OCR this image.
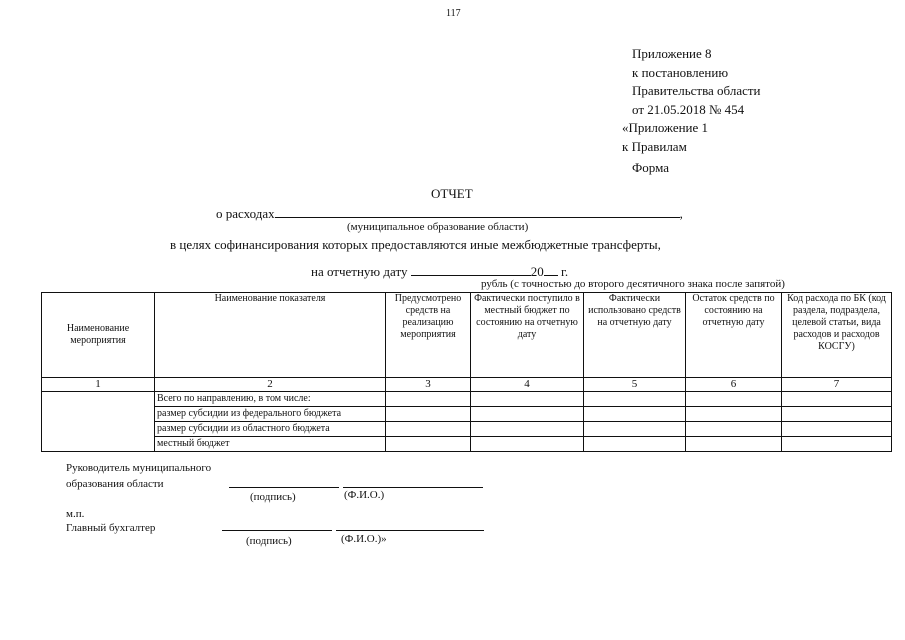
117
Приложение 8
к постановлению
Правительства области
от 21.05.2018 № 454
«Приложение 1
к Правилам
Форма
ОТЧЕТ
о расходах	,
(муниципальное образование области)
в целях софинансирования которых предоставляются иные межбюджетные трансферты,
на отчетную дату	20 г.
рубль (с точностью до второго десятичного знака после запятой)
Наименование мероприятия	Наименование показателя	Предусмотрено средств на реализацию мероприятия	Фактически поступило в местный бюджет по состоянию на отчетную дату	Фактически использовано средств на отчетную дату	Остаток средств по состоянию на отчетную дату	Код расхода по БК (код раздела, подраздела, целевой статьи, вида расходов и расходов КОСГУ)
1	2	3	4	5	6	7
	Всего по направлению, в том числе:					
	размер субсидии из федерального бюджета					
	размер субсидии из областного бюджета					
	местный бюджет					
Руководитель муниципального
образования области
(подпись)	(Ф.И.О.)
м.п.
Главный бухгалтер
(подпись)	(Ф.И.О.)»
